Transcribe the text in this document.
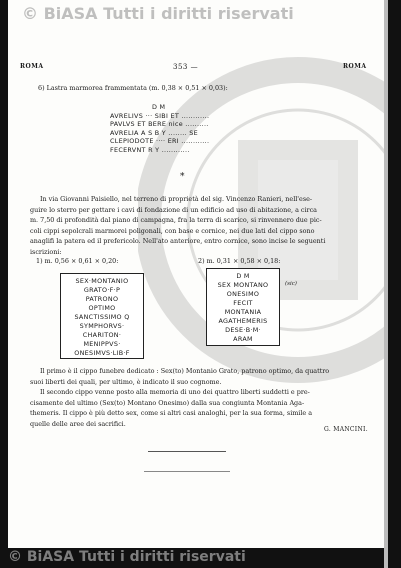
© BiASA Tutti i diritti riservati
ROMA	353 —	ROMA
6) Lastra marmorea frammentata (m. 0,38 × 0,51 × 0,03):
D M
AVRELIVS ··· SIBI ET ............
PAVLVS ET BERE nice ..........
AVRELIA A S B Y ........ SE
CLEPIODOTE ···· ERI ............
FECERVNT R Y ............
*
In via Giovanni Paisiello, nel terreno di proprietà del sig. Vincenzo Ranieri, nell'ese-
guire lo sterro per gettare i cavi di fondazione di un edificio ad uso di abitazione, a circa
m. 7,50 di profondità dal piano di campagna, fra la terra di scarico, si rinvennero due pic-
coli cippi sepolcrali marmorei poligonali, con base e cornice, nei due lati del cippo sono
anaglifi la patera ed il prefericolo. Nell'ato anteriore, entro cornice, sono incise le seguenti
iscrizioni:
1) m. 0,56 × 0,61 × 0,20:	2) m. 0,31 × 0,58 × 0,18:
SEX·MONTANIO
GRATO·F·P
PATRONO
OPTIMO
SANCTISSIMO Q
SYMPHORVS·
CHARITON·
MENIPPVS·
ONESIMVS·LIB·F
D M
SEX MONTANO
ONESIMO
FECIT
MONTANIA
AGATHEMERIS
DESE·B·M·
ARAM
(sic)
Il primo è il cippo funebre dedicato : Sex(to) Montanio Grato, patrono optimo, da quattro
suoi liberti dei quali, per ultimo, è indicato il suo cognome.
Il secondo cippo venne posto alla memoria di uno dei quattro liberti suddetti e pre-
cisamente del ultimo (Sex(to) Montano Onesimo) dalla sua congiunta Montania Aga-
themeris. Il cippo è più detto sex, come si altri casi analoghi, per la sua forma, simile a
quelle delle aree dei sacrifici.
G. MANCINI.
© BiASA Tutti i diritti riservati
